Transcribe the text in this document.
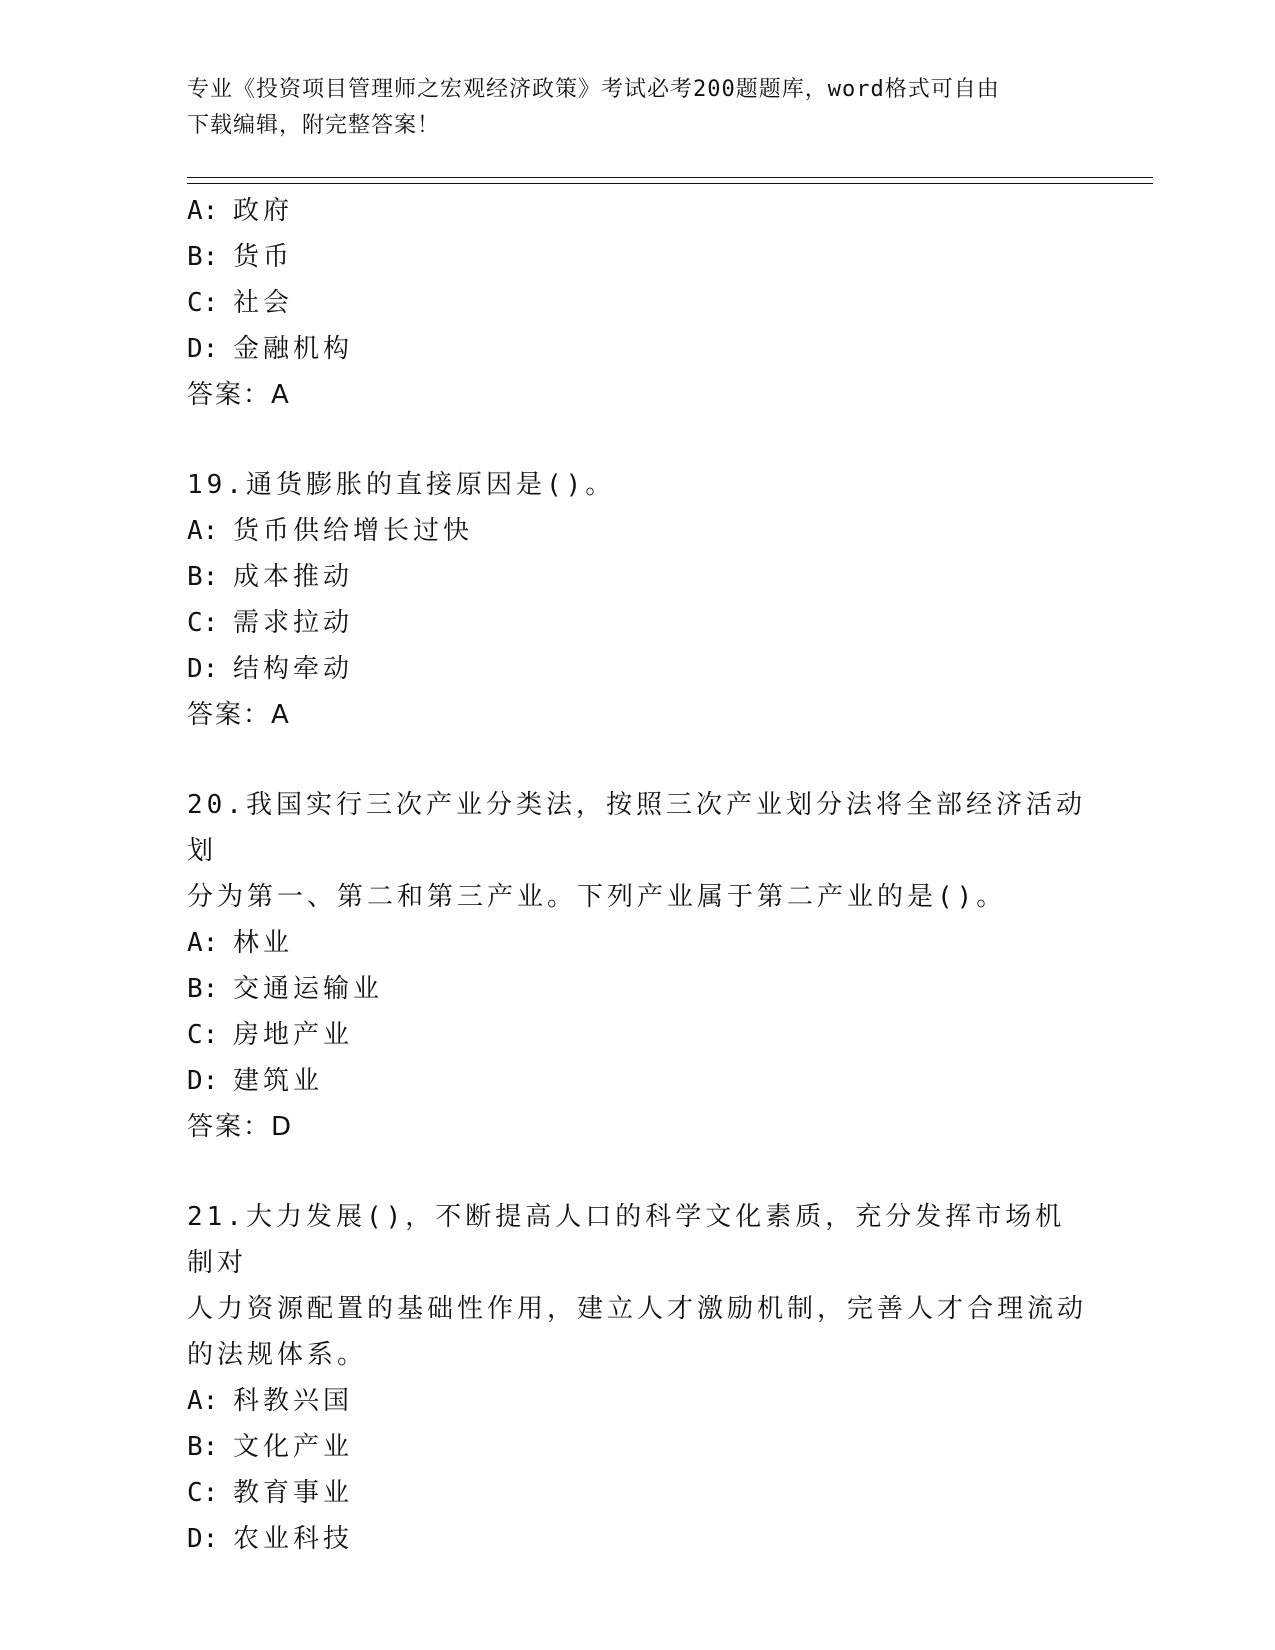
专业《投资项目管理师之宏观经济政策》考试必考200题题库，word格式可自由
下载编辑，附完整答案！
A: 政府
B: 货币
C: 社会
D: 金融机构
答案：A
19.通货膨胀的直接原因是()。
A: 货币供给增长过快
B: 成本推动
C: 需求拉动
D: 结构牵动
答案：A
20.我国实行三次产业分类法，按照三次产业划分法将全部经济活动划
分为第一、第二和第三产业。下列产业属于第二产业的是()。
A: 林业
B: 交通运输业
C: 房地产业
D: 建筑业
答案：D
21.大力发展()，不断提高人口的科学文化素质，充分发挥市场机制对
人力资源配置的基础性作用，建立人才激励机制，完善人才合理流动
的法规体系。
A: 科教兴国
B: 文化产业
C: 教育事业
D: 农业科技
